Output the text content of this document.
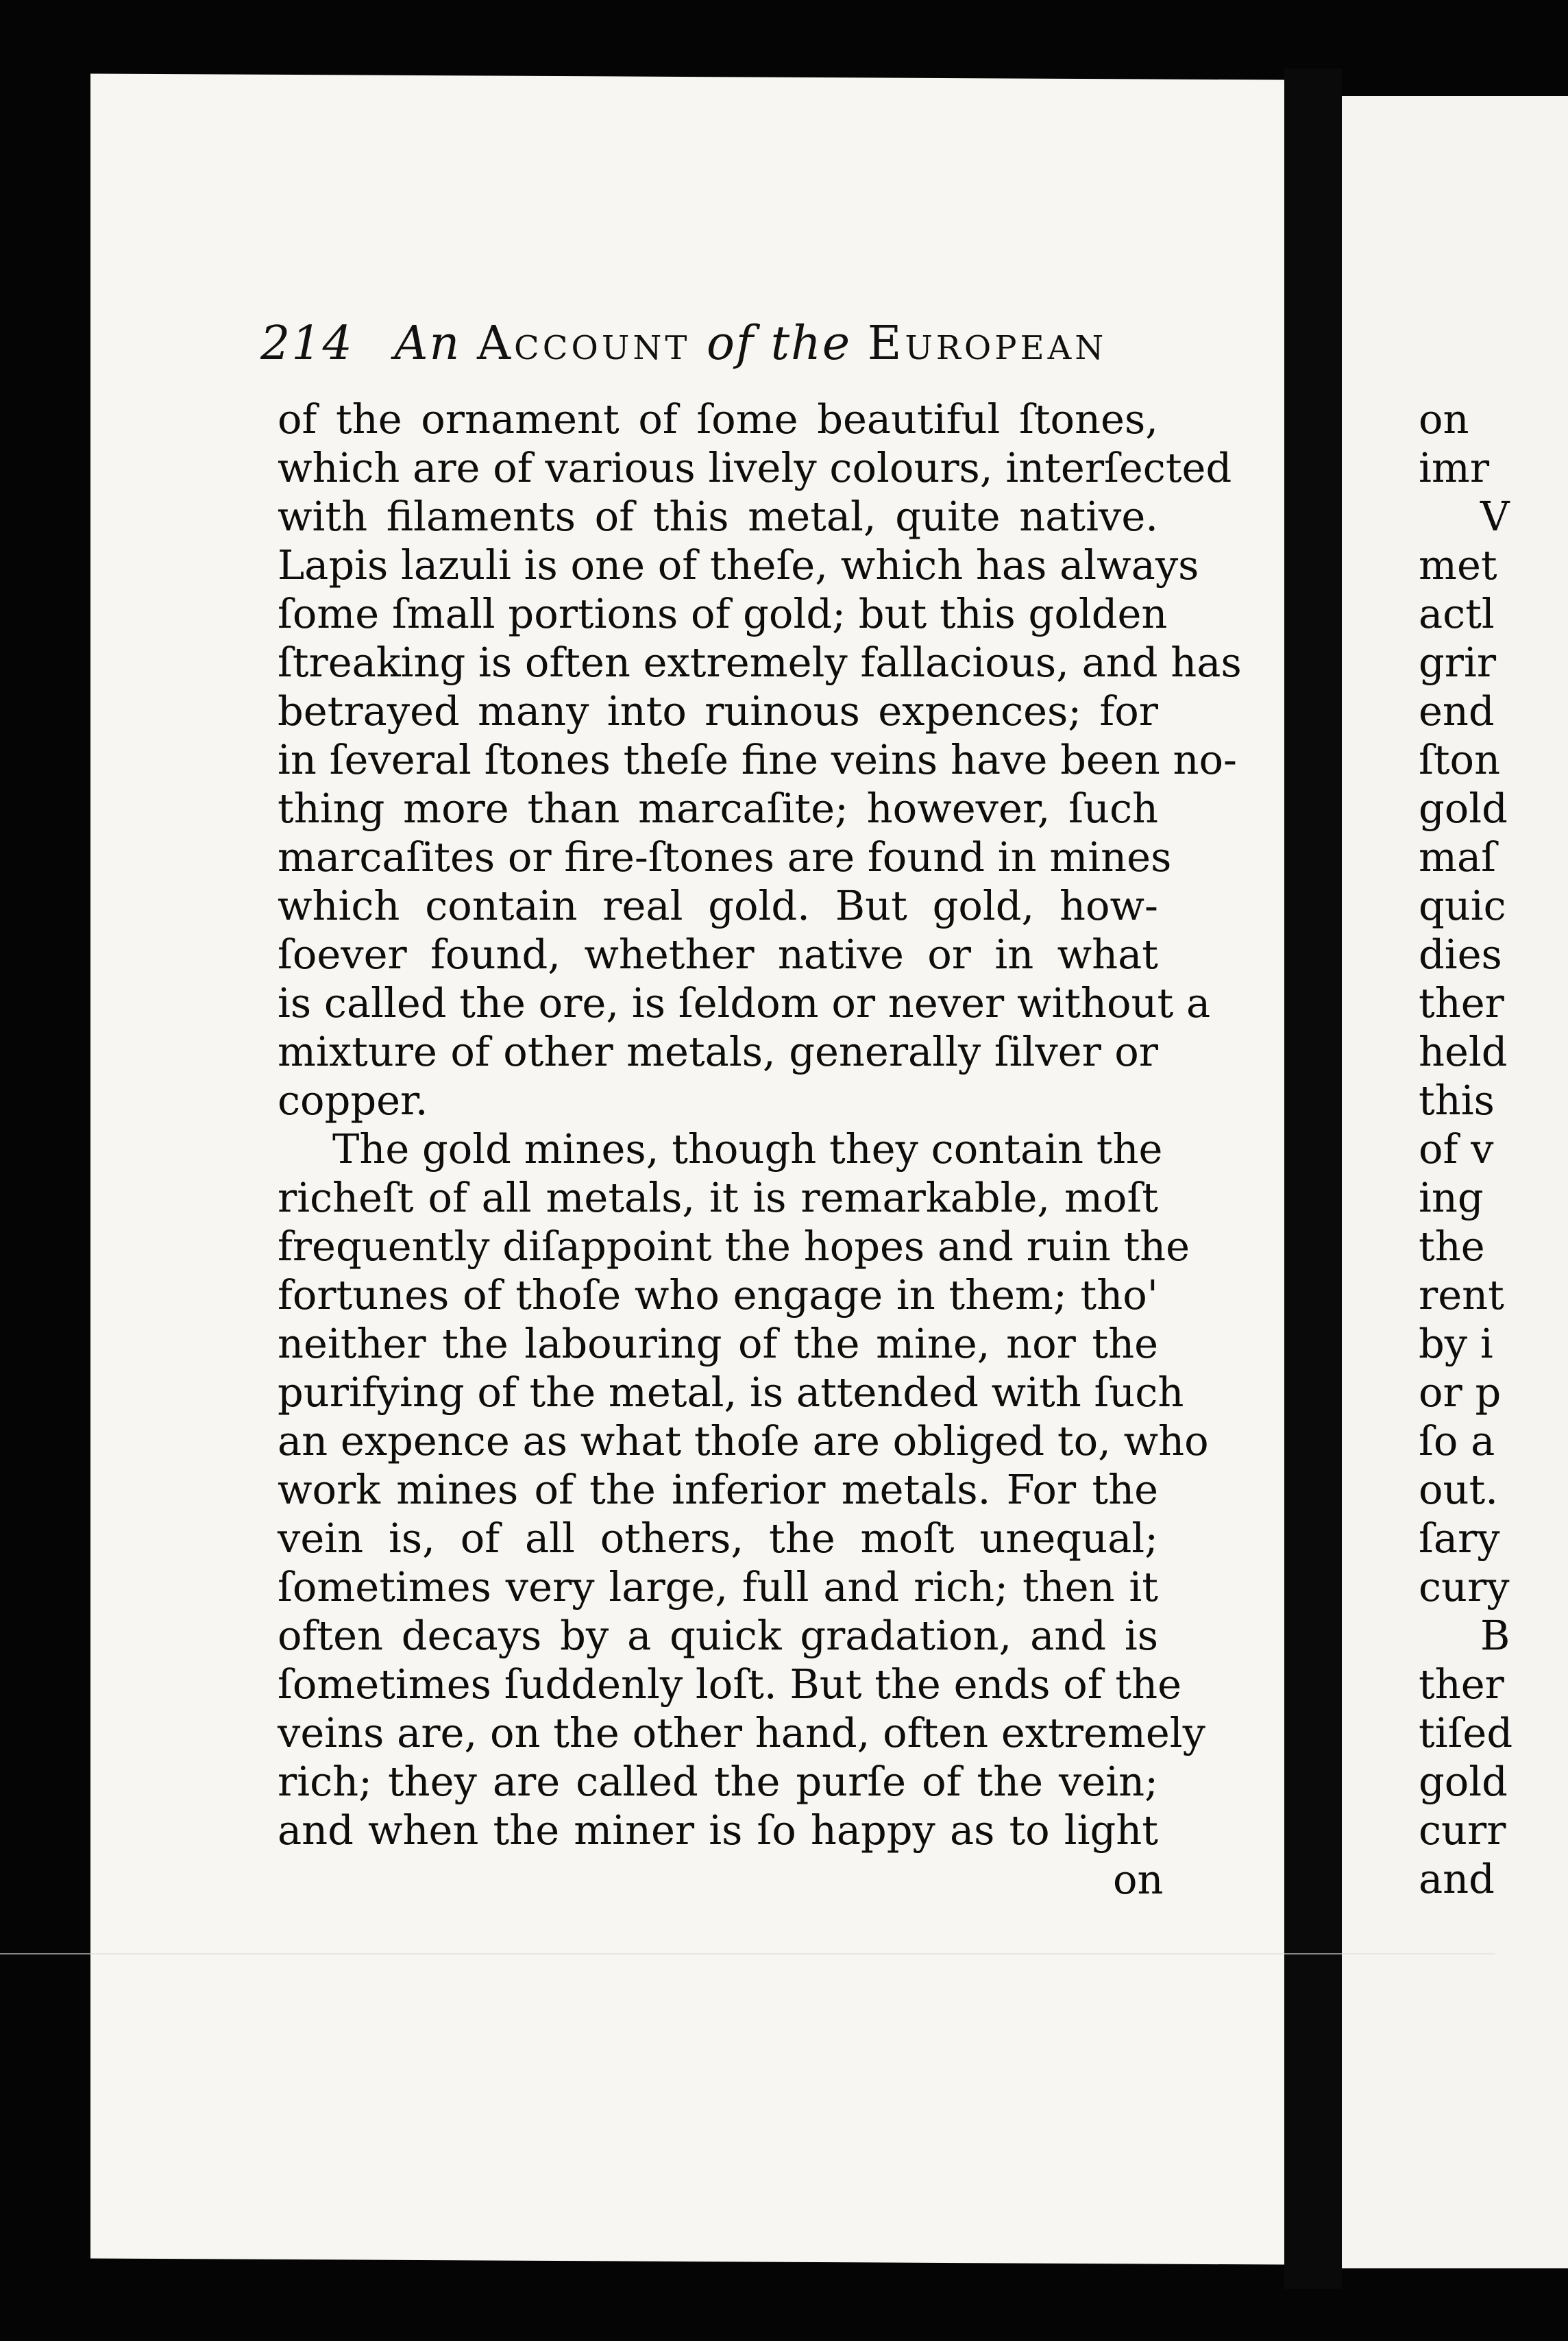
214 An Account of the European
of the ornament of ſome beautiful ſtones,
which are of various lively colours, interſected
with filaments of this metal, quite native.
Lapis lazuli is one of theſe, which has always
ſome ſmall portions of gold; but this golden
ſtreaking is often extremely fallacious, and has
betrayed many into ruinous expences; for
in ſeveral ſtones theſe fine veins have been no-
thing more than marcaſite; however, ſuch
marcaſites or fire-ſtones are found in mines
which contain real gold. But gold, how-
ſoever found, whether native or in what
is called the ore, is ſeldom or never without a
mixture of other metals, generally ſilver or
copper.
The gold mines, though they contain the
richeſt of all metals, it is remarkable, moſt
frequently diſappoint the hopes and ruin the
fortunes of thoſe who engage in them; tho'
neither the labouring of the mine, nor the
purifying of the metal, is attended with ſuch
an expence as what thoſe are obliged to, who
work mines of the inferior metals. For the
vein is, of all others, the moſt unequal;
ſometimes very large, full and rich; then it
often decays by a quick gradation, and is
ſometimes ſuddenly loſt. But the ends of the
veins are, on the other hand, often extremely
rich; they are called the purſe of the vein;
and when the miner is ſo happy as to light
on
on
imr
V
met
actl
grir
end
ſton
gold
maſ
quic
dies
ther
held
this
of v
ing
the
rent
by i
or p
ſo a
out.
ſary
cury
B
ther
tiſed
gold
curr
and
